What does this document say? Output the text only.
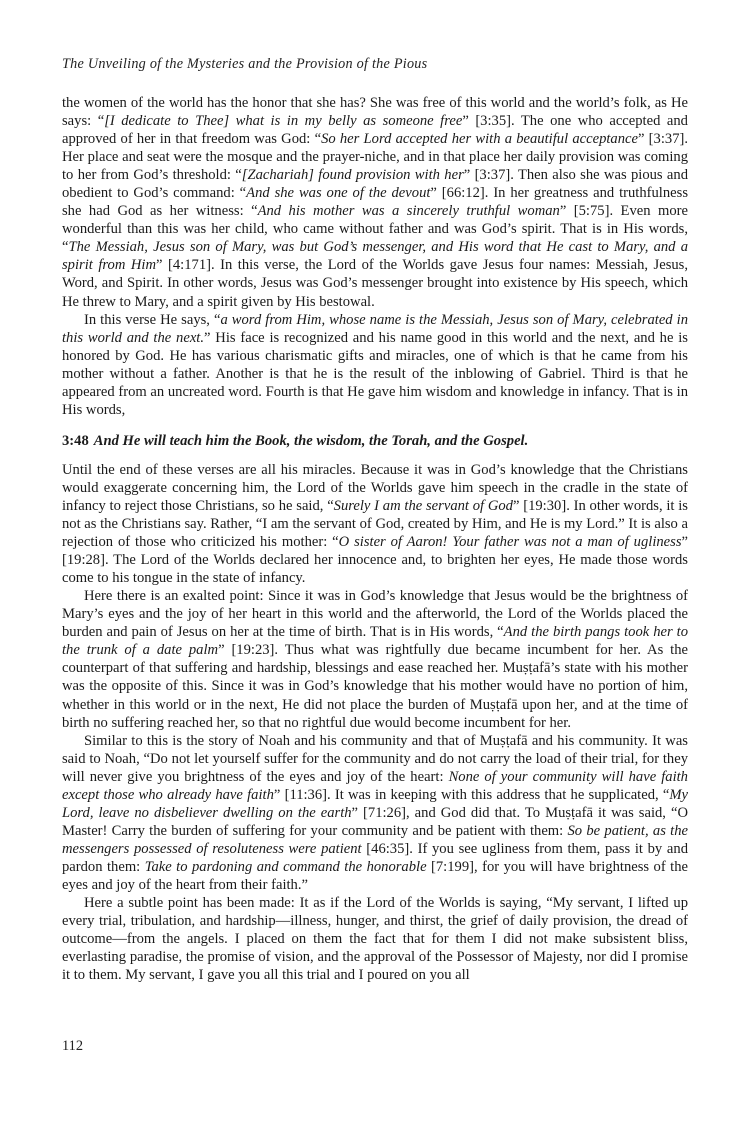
The Unveiling of the Mysteries and the Provision of the Pious

the women of the world has the honor that she has? She was free of this world and the world’s folk, as He says: “[I dedicate to Thee] what is in my belly as someone free” [3:35]. The one who accepted and approved of her in that freedom was God: “So her Lord accepted her with a beautiful acceptance” [3:37]. Her place and seat were the mosque and the prayer-niche, and in that place her daily provision was coming to her from God’s threshold: “[Zachariah] found provision with her” [3:37]. Then also she was pious and obedient to God’s command: “And she was one of the devout” [66:12]. In her greatness and truthfulness she had God as her witness: “And his mother was a sincerely truthful woman” [5:75]. Even more wonderful than this was her child, who came without father and was God’s spirit. That is in His words, “The Messiah, Jesus son of Mary, was but God’s messenger, and His word that He cast to Mary, and a spirit from Him” [4:171]. In this verse, the Lord of the Worlds gave Jesus four names: Messiah, Jesus, Word, and Spirit. In other words, Jesus was God’s messenger brought into existence by His speech, which He threw to Mary, and a spirit given by His bestowal.

In this verse He says, “a word from Him, whose name is the Messiah, Jesus son of Mary, celebrated in this world and the next.” His face is recognized and his name good in this world and the next, and he is honored by God. He has various charismatic gifts and miracles, one of which is that he came from his mother without a father. Another is that he is the result of the inblowing of Gabriel. Third is that he appeared from an uncreated word. Fourth is that He gave him wisdom and knowledge in infancy. That is in His words,

3:48 And He will teach him the Book, the wisdom, the Torah, and the Gospel.

Until the end of these verses are all his miracles. Because it was in God’s knowledge that the Christians would exaggerate concerning him, the Lord of the Worlds gave him speech in the cradle in the state of infancy to reject those Christians, so he said, “Surely I am the servant of God” [19:30]. In other words, it is not as the Christians say. Rather, “I am the servant of God, created by Him, and He is my Lord.” It is also a rejection of those who criticized his mother: “O sister of Aaron! Your father was not a man of ugliness” [19:28]. The Lord of the Worlds declared her innocence and, to brighten her eyes, He made those words come to his tongue in the state of infancy.

Here there is an exalted point: Since it was in God’s knowledge that Jesus would be the brightness of Mary’s eyes and the joy of her heart in this world and the afterworld, the Lord of the Worlds placed the burden and pain of Jesus on her at the time of birth. That is in His words, “And the birth pangs took her to the trunk of a date palm” [19:23]. Thus what was rightfully due became incumbent for her. As the counterpart of that suffering and hardship, blessings and ease reached her. Muṣṭafā’s state with his mother was the opposite of this. Since it was in God’s knowledge that his mother would have no portion of him, whether in this world or in the next, He did not place the burden of Muṣṭafā upon her, and at the time of birth no suffering reached her, so that no rightful due would become incumbent for her.

Similar to this is the story of Noah and his community and that of Muṣṭafā and his community. It was said to Noah, “Do not let yourself suffer for the community and do not carry the load of their trial, for they will never give you brightness of the eyes and joy of the heart: None of your community will have faith except those who already have faith” [11:36]. It was in keeping with this address that he supplicated, “My Lord, leave no disbeliever dwelling on the earth” [71:26], and God did that. To Muṣṭafā it was said, “O Master! Carry the burden of suffering for your community and be patient with them: So be patient, as the messengers possessed of resoluteness were patient [46:35]. If you see ugliness from them, pass it by and pardon them: Take to pardoning and command the honorable [7:199], for you will have brightness of the eyes and joy of the heart from their faith.”

Here a subtle point has been made: It as if the Lord of the Worlds is saying, “My servant, I lifted up every trial, tribulation, and hardship—illness, hunger, and thirst, the grief of daily provision, the dread of outcome—from the angels. I placed on them the fact that for them I did not make subsistent bliss, everlasting paradise, the promise of vision, and the approval of the Possessor of Majesty, nor did I promise it to them. My servant, I gave you all this trial and I poured on you all

112
